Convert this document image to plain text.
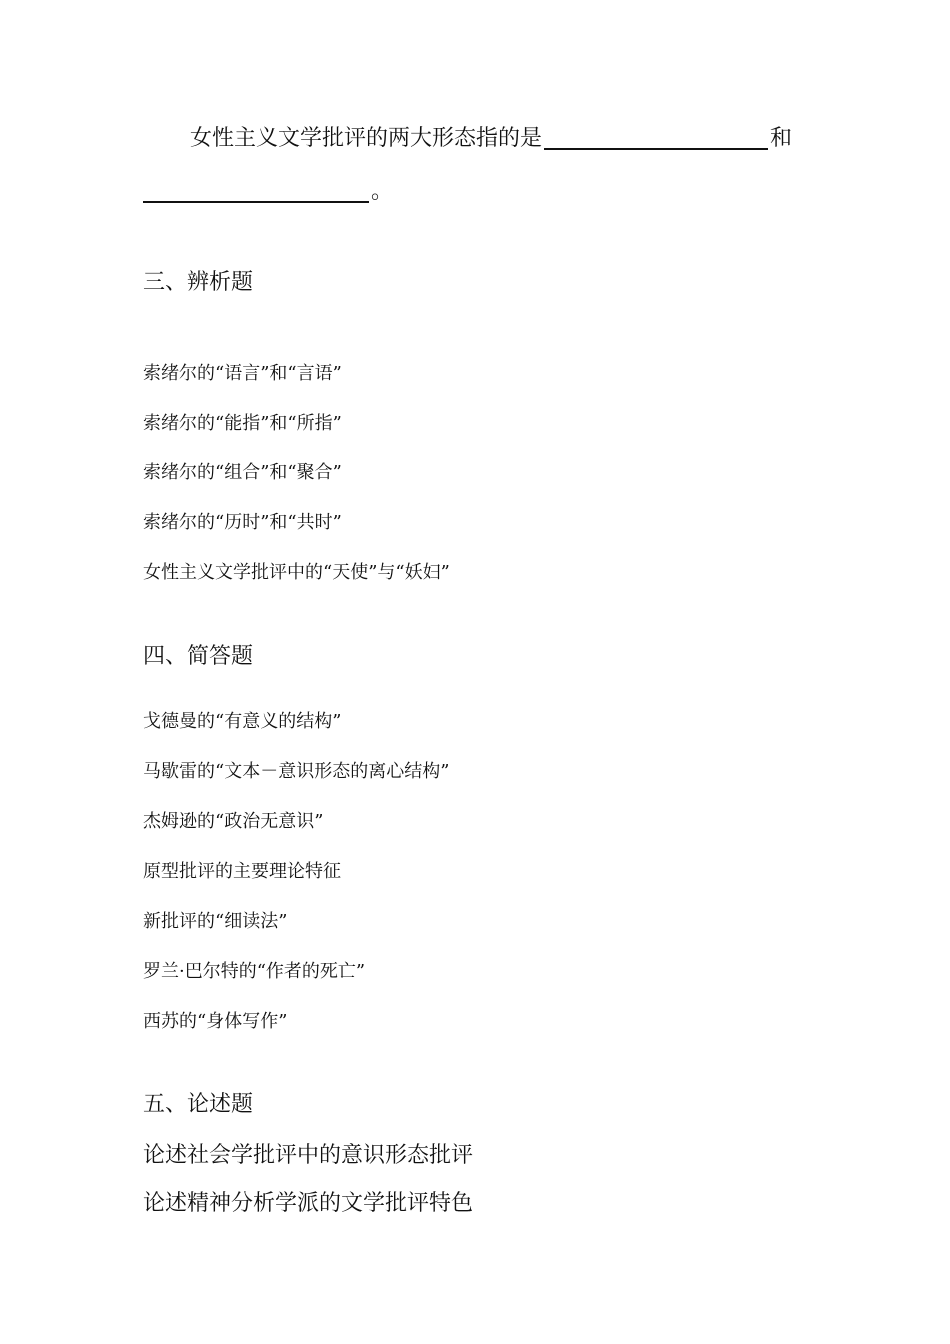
女性主义文学批评的两大形态指的是	和
。
三、辨析题
索绪尔的“语言”和“言语”
索绪尔的“能指”和“所指”
索绪尔的“组合”和“聚合”
索绪尔的“历时”和“共时”
女性主义文学批评中的“天使”与“妖妇”
四、简答题
戈德曼的“有意义的结构”
马歇雷的“文本－意识形态的离心结构”
杰姆逊的“政治无意识”
原型批评的主要理论特征
新批评的“细读法”
罗兰·巴尔特的“作者的死亡”
西苏的“身体写作”
五、论述题
论述社会学批评中的意识形态批评
论述精神分析学派的文学批评特色
